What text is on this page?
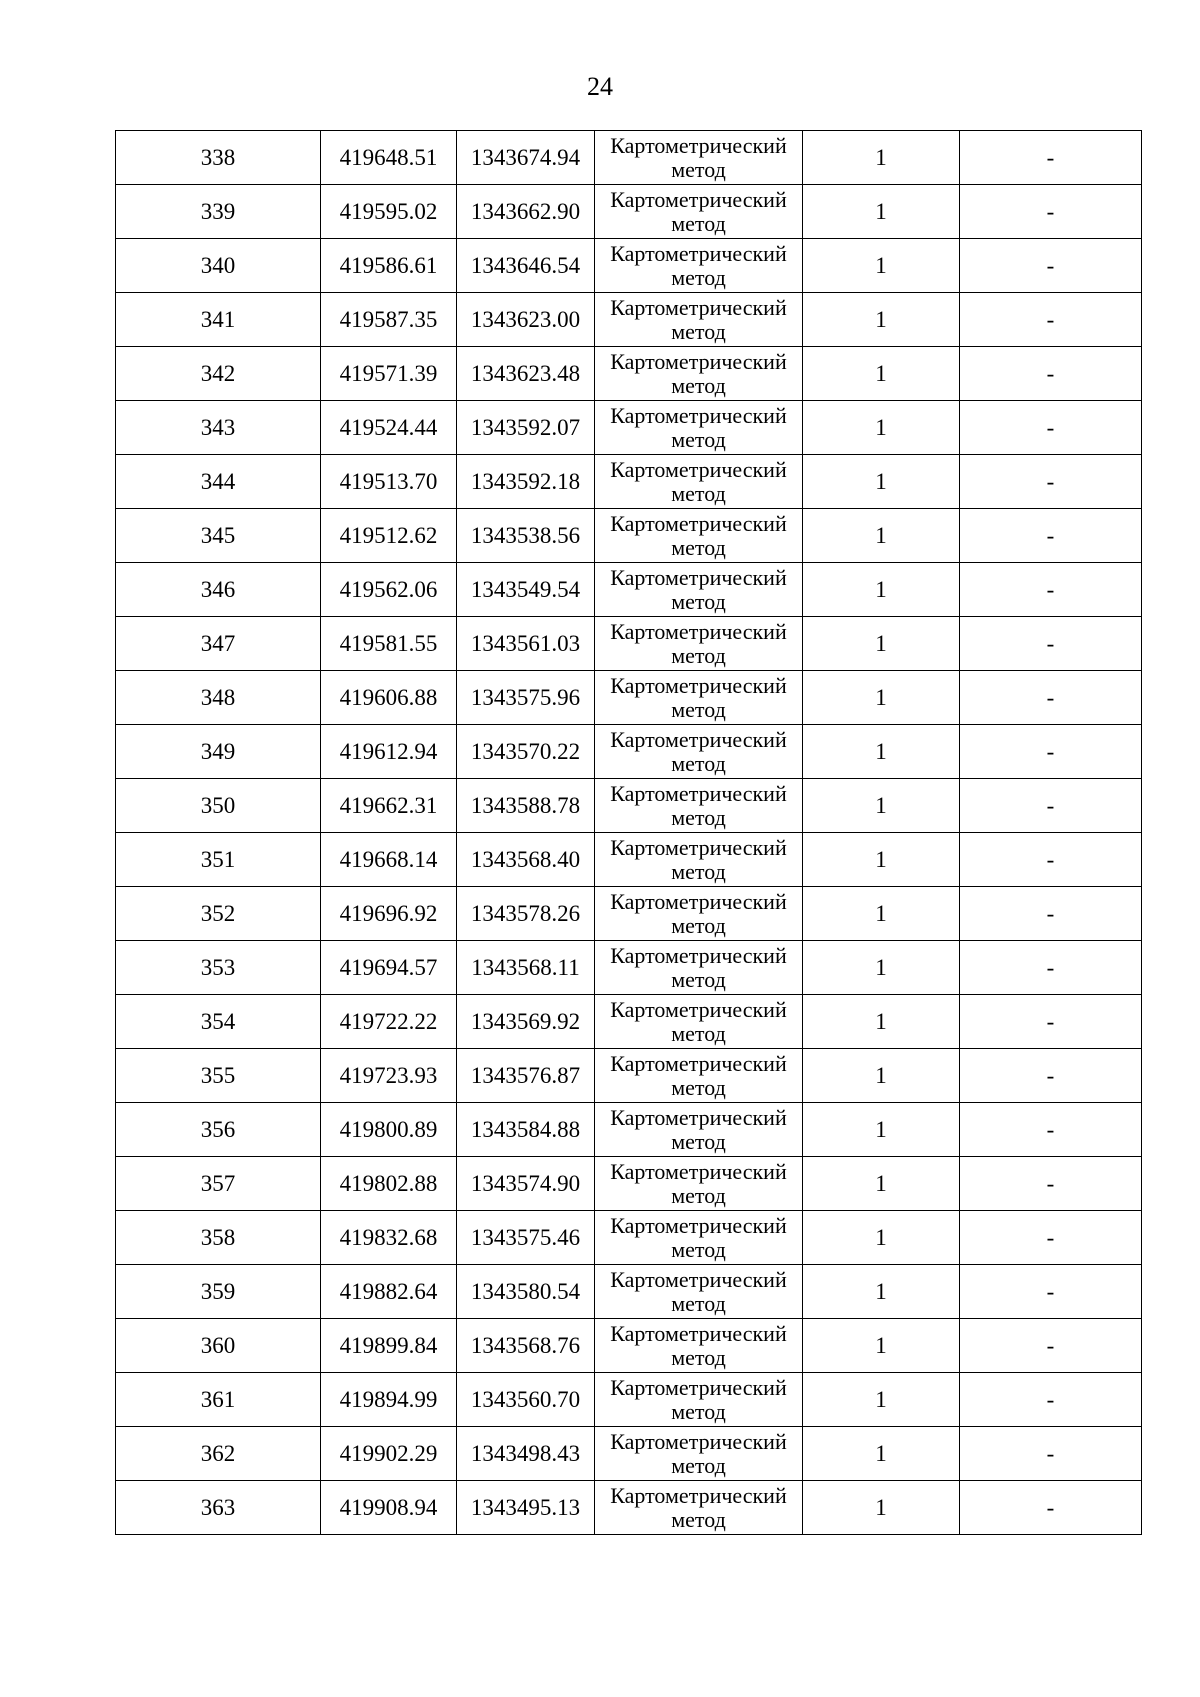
24
338	419648.51	1343674.94	Картометрический
метод	1	-
339	419595.02	1343662.90	Картометрический
метод	1	-
340	419586.61	1343646.54	Картометрический
метод	1	-
341	419587.35	1343623.00	Картометрический
метод	1	-
342	419571.39	1343623.48	Картометрический
метод	1	-
343	419524.44	1343592.07	Картометрический
метод	1	-
344	419513.70	1343592.18	Картометрический
метод	1	-
345	419512.62	1343538.56	Картометрический
метод	1	-
346	419562.06	1343549.54	Картометрический
метод	1	-
347	419581.55	1343561.03	Картометрический
метод	1	-
348	419606.88	1343575.96	Картометрический
метод	1	-
349	419612.94	1343570.22	Картометрический
метод	1	-
350	419662.31	1343588.78	Картометрический
метод	1	-
351	419668.14	1343568.40	Картометрический
метод	1	-
352	419696.92	1343578.26	Картометрический
метод	1	-
353	419694.57	1343568.11	Картометрический
метод	1	-
354	419722.22	1343569.92	Картометрический
метод	1	-
355	419723.93	1343576.87	Картометрический
метод	1	-
356	419800.89	1343584.88	Картометрический
метод	1	-
357	419802.88	1343574.90	Картометрический
метод	1	-
358	419832.68	1343575.46	Картометрический
метод	1	-
359	419882.64	1343580.54	Картометрический
метод	1	-
360	419899.84	1343568.76	Картометрический
метод	1	-
361	419894.99	1343560.70	Картометрический
метод	1	-
362	419902.29	1343498.43	Картометрический
метод	1	-
363	419908.94	1343495.13	Картометрический
метод	1	-
